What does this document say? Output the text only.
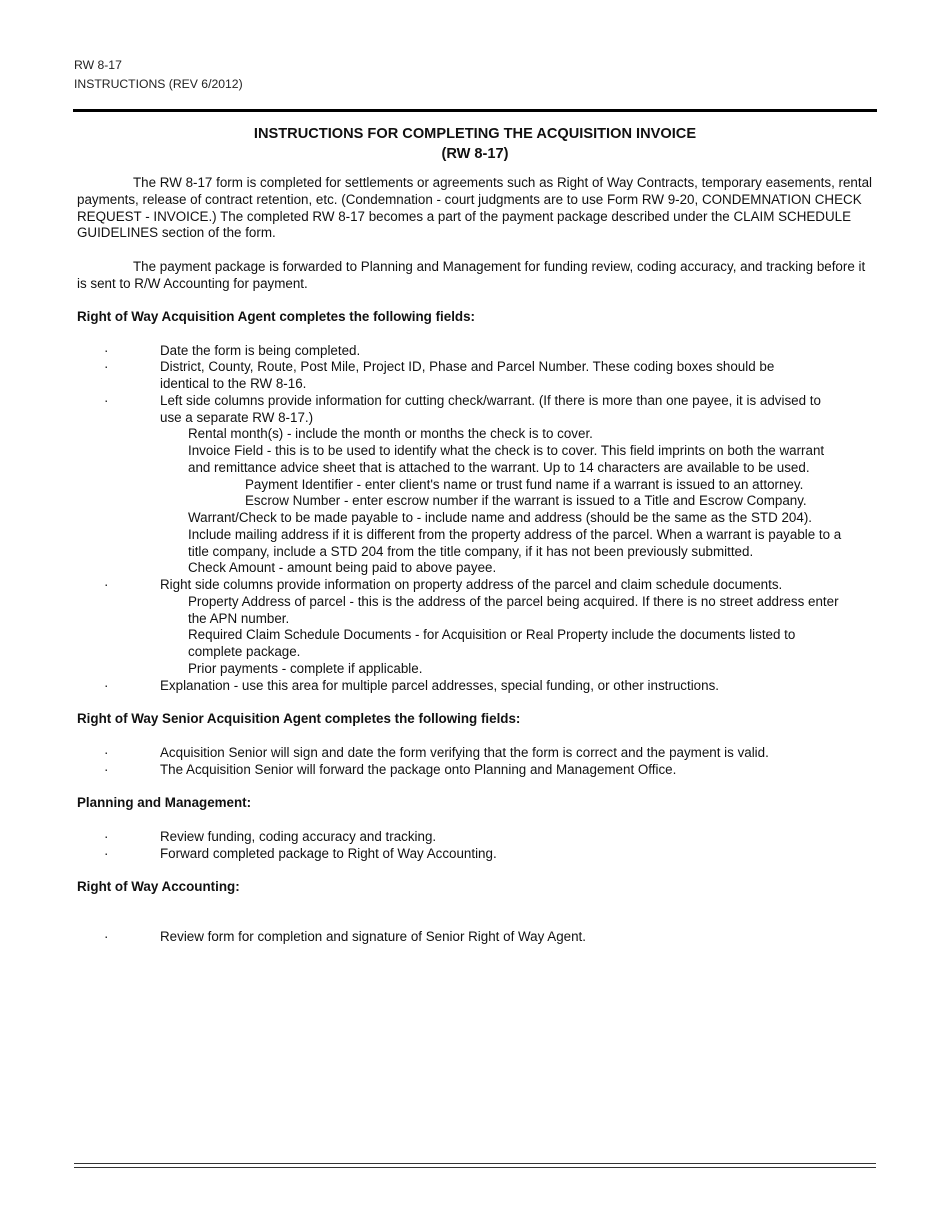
RW 8-17
INSTRUCTIONS (REV 6/2012)
INSTRUCTIONS FOR COMPLETING THE ACQUISITION INVOICE
(RW 8-17)
The RW 8-17 form is completed for settlements or agreements such as Right of Way Contracts, temporary easements, rental payments, release of contract retention, etc. (Condemnation - court judgments are to use Form RW 9-20, CONDEMNATION CHECK REQUEST - INVOICE.) The completed RW 8-17 becomes a part of the payment package described under the CLAIM SCHEDULE GUIDELINES section of the form.
The payment package is forwarded to Planning and Management for funding review, coding accuracy, and tracking before it is sent to R/W Accounting for payment.
Right of Way Acquisition Agent completes the following fields:
·	Date the form is being completed.
·	District, County, Route, Post Mile, Project ID, Phase and Parcel Number. These coding boxes should be
identical to the RW 8-16.
·	Left side columns provide information for cutting check/warrant. (If there is more than one payee, it is advised to
use a separate RW 8-17.)
Rental month(s) - include the month or months the check is to cover.
Invoice Field - this is to be used to identify what the check is to cover. This field imprints on both the warrant
and remittance advice sheet that is attached to the warrant. Up to 14 characters are available to be used.
Payment Identifier - enter client's name or trust fund name if a warrant is issued to an attorney.
Escrow Number - enter escrow number if the warrant is issued to a Title and Escrow Company.
Warrant/Check to be made payable to - include name and address (should be the same as the STD 204).
Include mailing address if it is different from the property address of the parcel. When a warrant is payable to a
title company, include a STD 204 from the title company, if it has not been previously submitted.
Check Amount - amount being paid to above payee.
·	Right side columns provide information on property address of the parcel and claim schedule documents.
Property Address of parcel - this is the address of the parcel being acquired. If there is no street address enter
the APN number.
Required Claim Schedule Documents - for Acquisition or Real Property include the documents listed to
complete package.
Prior payments - complete if applicable.
·	Explanation - use this area for multiple parcel addresses, special funding, or other instructions.
Right of Way Senior Acquisition Agent completes the following fields:
·	Acquisition Senior will sign and date the form verifying that the form is correct and the payment is valid.
·	The Acquisition Senior will forward the package onto Planning and Management Office.
Planning and Management:
·	Review funding, coding accuracy and tracking.
·	Forward completed package to Right of Way Accounting.
Right of Way Accounting:
·	Review form for completion and signature of Senior Right of Way Agent.
